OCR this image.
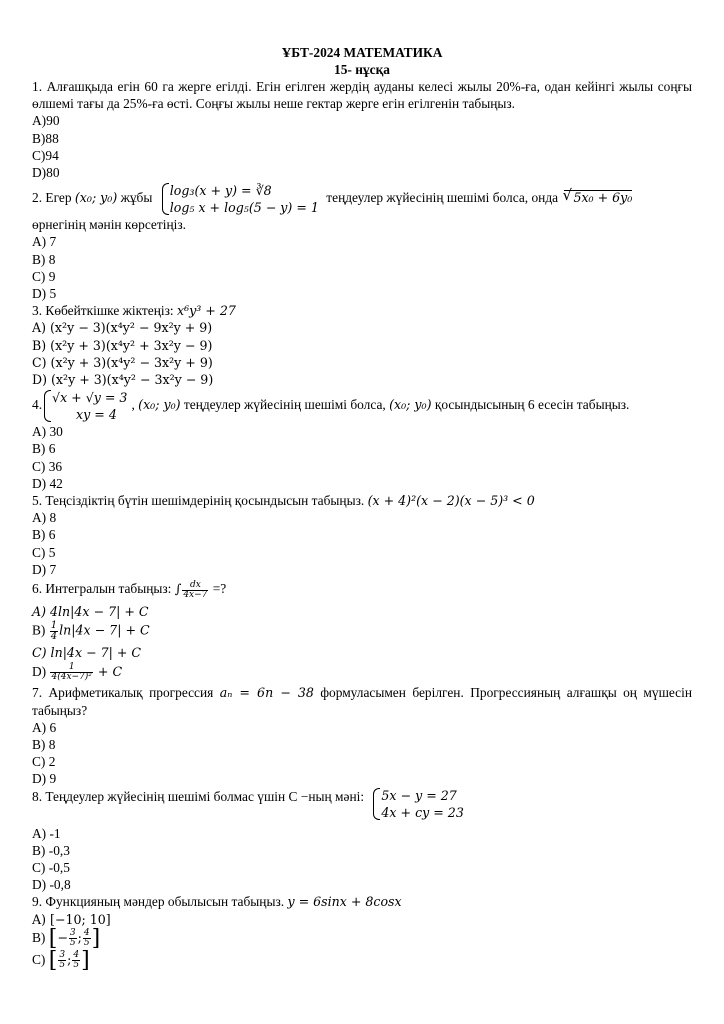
ҰБТ-2024 МАТЕМАТИКА
15- нұсқа
1. Алғашқыда егін 60 га жерге егілді. Егін егілген жердің ауданы келесі жылы 20%-ға, одан кейінгі жылы соңғы өлшемі тағы да 25%-ға өсті. Соңғы жылы неше гектар жерге егін егілгенін табыңыз.
A)90
B)88
C)94
D)80
2. Егер (x₀; y₀) жұбы log₃(x + y) = ∛8
log₅ x + log₅(5 − y) = 1
теңдеулер жүйесінің шешімі болса, онда √ 5x₀ + 6y₀
өрнегінің мәнін көрсетіңіз.
A) 7
B) 8
C) 9
D) 5
3. Көбейткішке жіктеңіз: x⁶y³ + 27
A) (x²y − 3)(x⁴y² − 9x²y + 9)
B) (x²y + 3)(x⁴y² + 3x²y − 9)
C) (x²y + 3)(x⁴y² − 3x²y + 9)
D) (x²y + 3)(x⁴y² − 3x²y − 9)
4. √x + √y = 3
xy = 4
, (x₀; y₀) теңдеулер жүйесінің шешімі болса, (x₀; y₀) қосындысының 6 есесін табыңыз.
A) 30
B) 6
C) 36
D) 42
5. Теңсіздіктің бүтін шешімдерінің қосындысын табыңыз. (x + 4)²(x − 2)(x − 5)³ < 0
A) 8
B) 6
C) 5
D) 7
6. Интегралын табыңыз: ∫ $\frac{dx}{4x-7}$ =?
A) 4ln|4x − 7| + C
$B) \frac{1}{4} \ln|4x - 7| + C$
C) ln|4x − 7| + C
$D) \frac{1}{\text{4(4x−7)²}} + C$
7. Арифметикалық прогрессия aₙ = 6n − 38 формуласымен берілген. Прогрессияның алғашқы оң мүшесін табыңыз?
A) 6
B) 8
C) 2
D) 9
8. Теңдеулер жүйесінің шешімі болмас үшін С −ның мәні: 5x − y = 27
4x + cy = 23
A) -1
B) -0,3
C) -0,5
D) -0,8
9. Функцияның мәндер обылысын табыңыз. y = 6sinx + 8cosx
A) [−10; 10]
B) [− $\frac{3}{5}$ ; $\frac{4}{5}$ ]
C) [ $\frac{3}{5}$ ; $\frac{4}{5}$ ]
